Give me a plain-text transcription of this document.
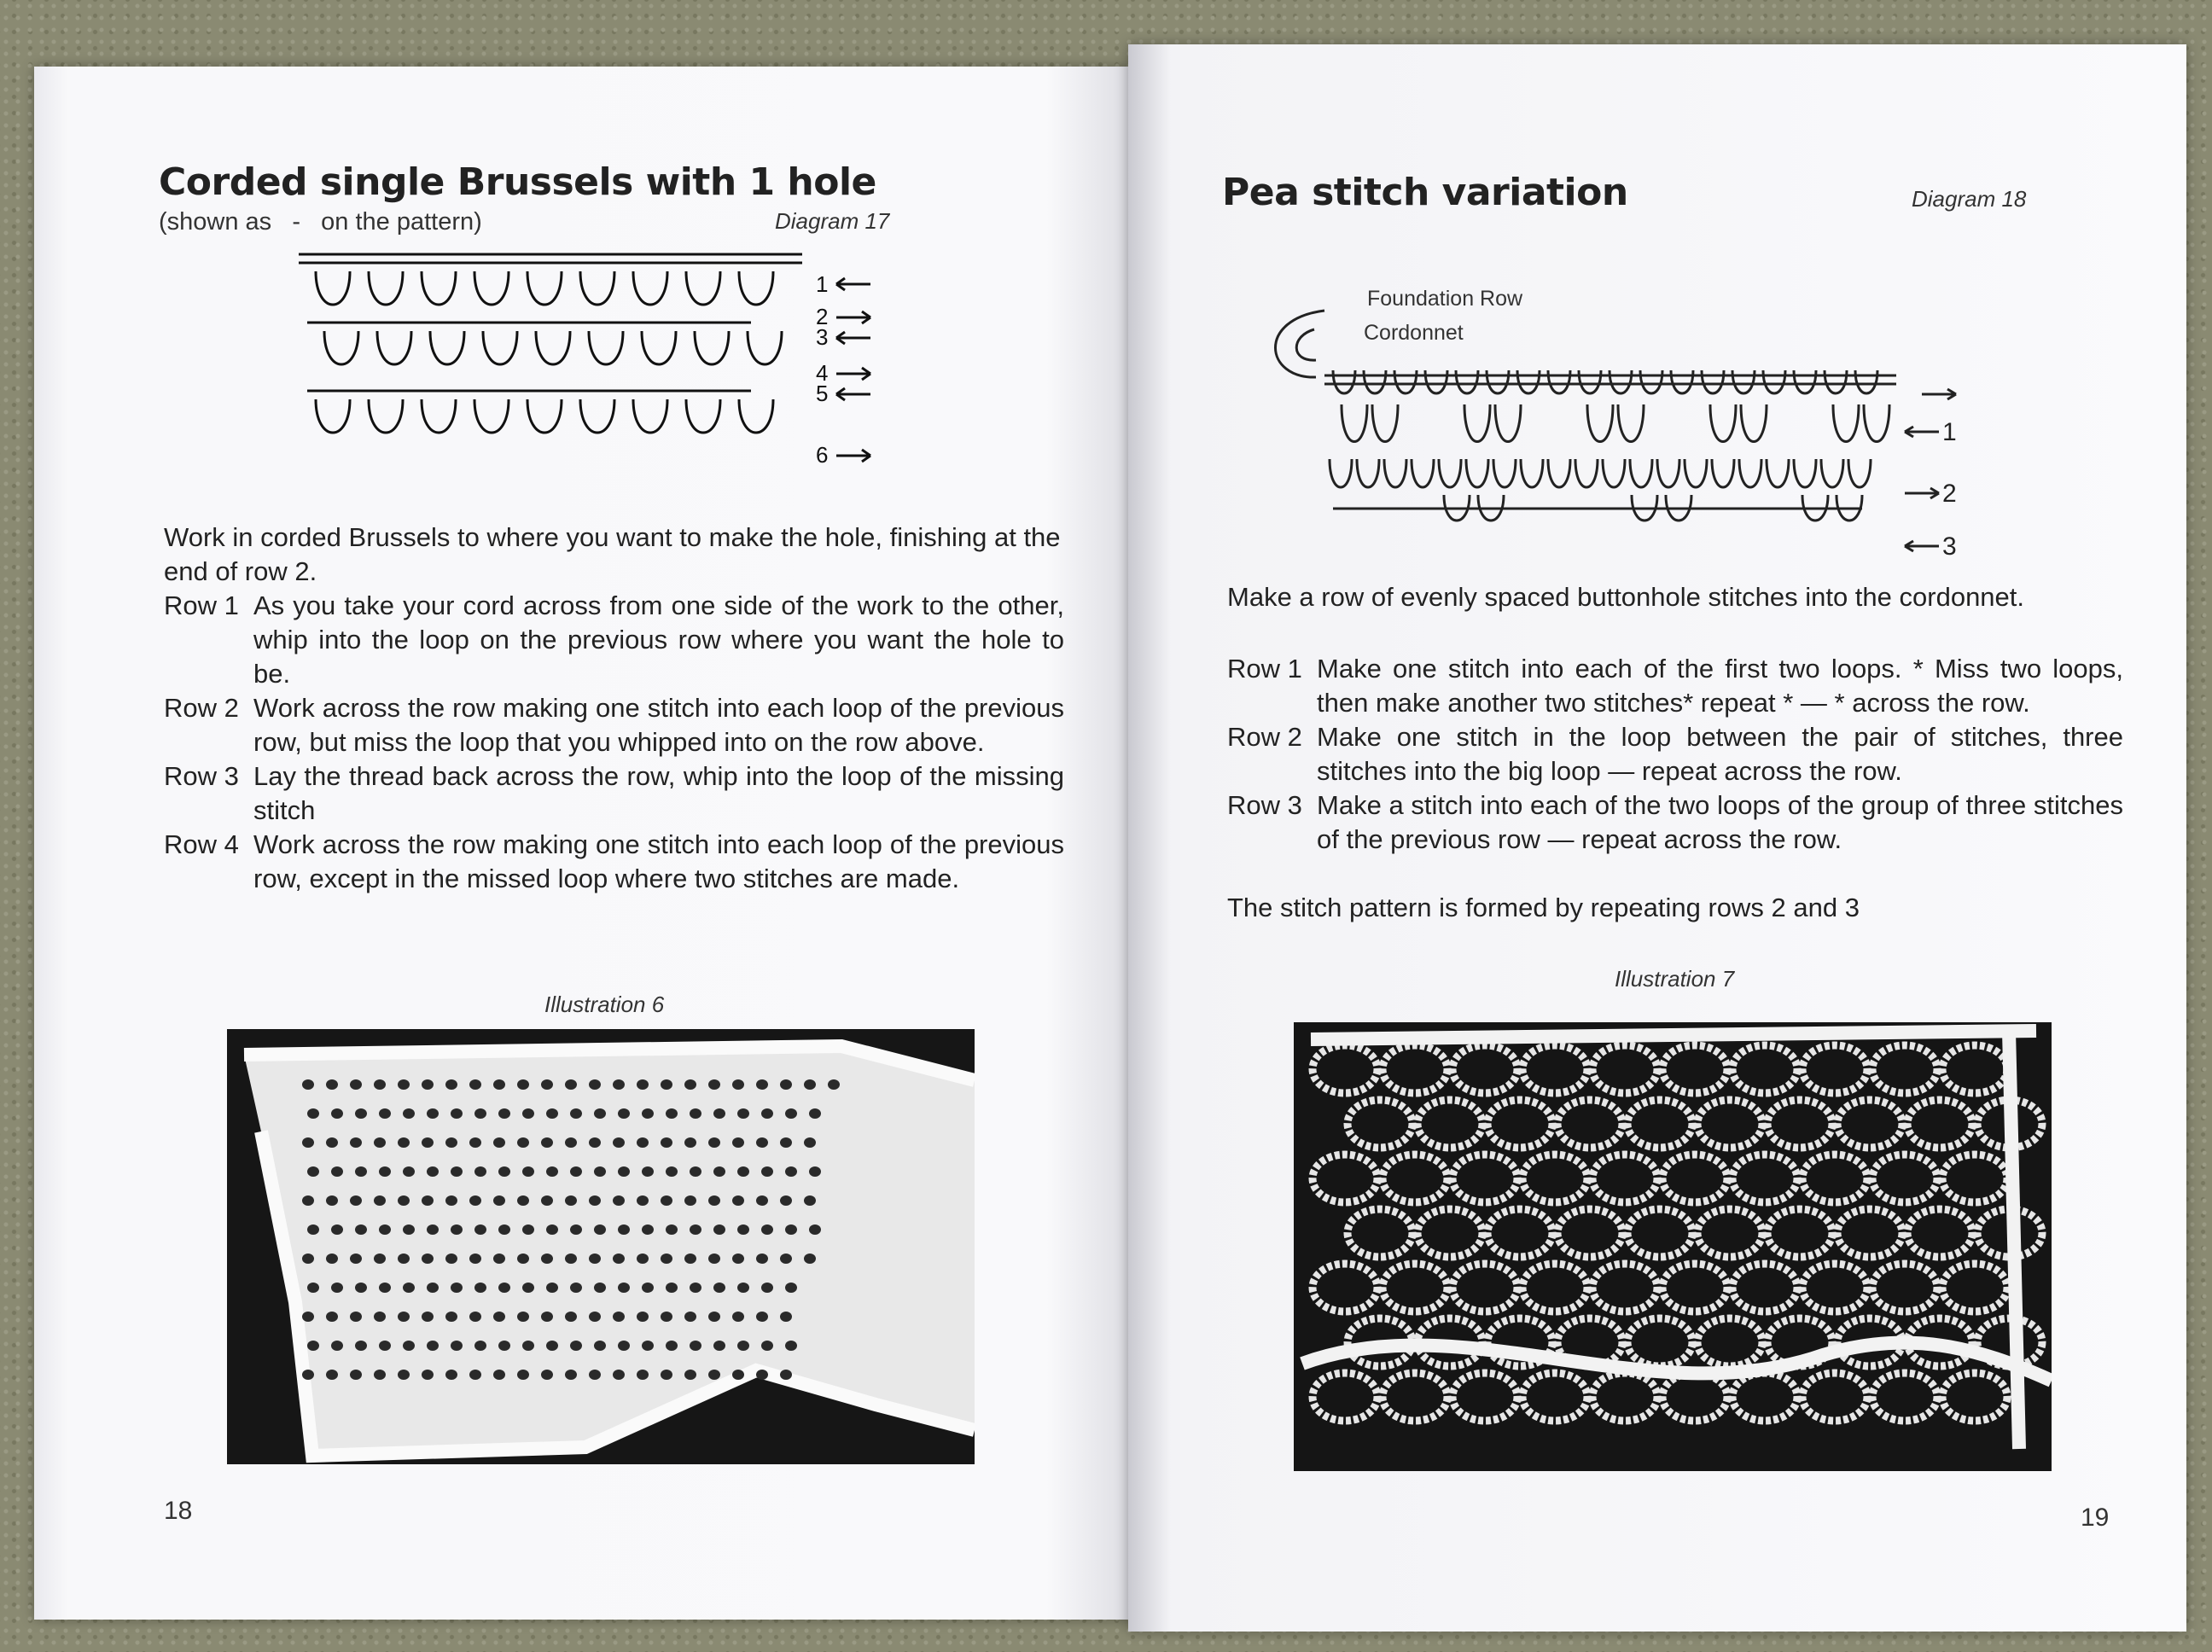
Corded single Brussels with 1 hole
(shown as   -   on the pattern)	Diagram 17
1
2
3
4
5
6

Work in corded Brussels to where you want to make the hole, finishing at the end of row 2.

Row 1 As you take your cord across from one side of the work to the other, whip into the loop on the previous row where you want the hole to be.
Row 2 Work across the row making one stitch into each loop of the previous row, but miss the loop that you whipped into on the row above.
Row 3 Lay the thread back across the row, whip into the loop of the missing stitch
Row 4 Work across the row making one stitch into each loop of the previous row, except in the missed loop where two stitches are made.
Illustration 6
18
Pea stitch variation	Diagram 18
Foundation Row
Cordonnet
1
2
3

Make a row of evenly spaced buttonhole stitches into the cordonnet.

Row 1 Make one stitch into each of the first two loops. * Miss two loops, then make another two stitches* repeat * — * across the row.
Row 2 Make one stitch in the loop between the pair of stitches, three stitches into the big loop — repeat across the row.
Row 3 Make a stitch into each of the two loops of the group of three stitches of the previous row — repeat across the row.

The stitch pattern is formed by repeating rows 2 and 3

Illustration 7
19
